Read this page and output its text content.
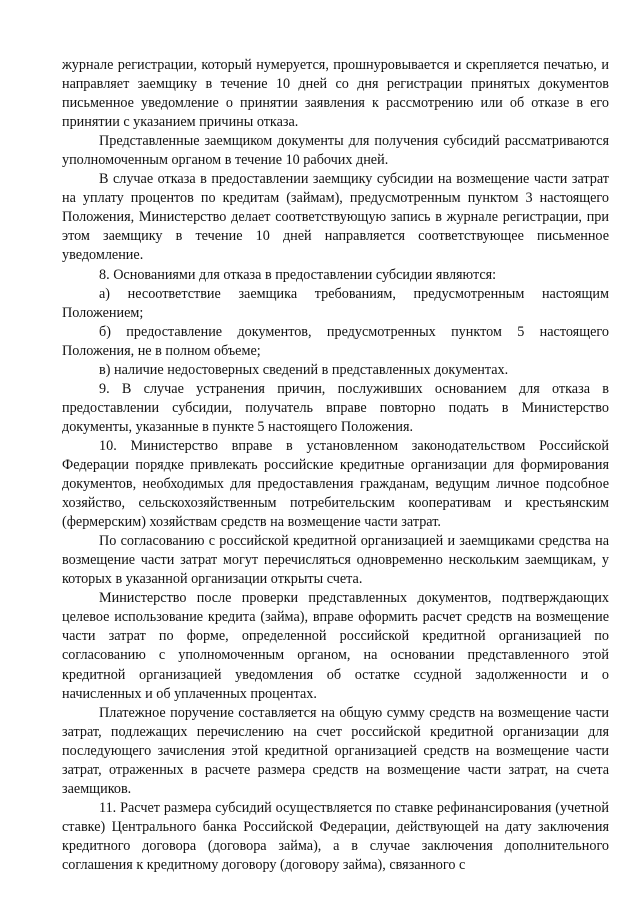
журнале регистрации, который нумеруется, прошнуровывается и скрепляется печатью, и направляет заемщику в течение 10 дней со дня регистрации принятых документов письменное уведомление о принятии заявления к рассмотрению или об отказе в его принятии с указанием причины отказа.

Представленные заемщиком документы для получения субсидий рассматриваются уполномоченным органом в течение 10 рабочих дней.

В случае отказа в предоставлении заемщику субсидии на возмещение части затрат на уплату процентов по кредитам (займам), предусмотренным пунктом 3 настоящего Положения, Министерство делает соответствующую запись в журнале регистрации, при этом заемщику в течение 10 дней направляется соответствующее письменное уведомление.

8. Основаниями для отказа в предоставлении субсидии являются:

а) несоответствие заемщика требованиям, предусмотренным настоящим Положением;

б) предоставление документов, предусмотренных пунктом 5 настоящего Положения, не в полном объеме;

в) наличие недостоверных сведений в представленных документах.

9. В случае устранения причин, послуживших основанием для отказа в предоставлении субсидии, получатель вправе повторно подать в Министерство документы, указанные в пункте 5 настоящего Положения.

10. Министерство вправе в установленном законодательством Российской Федерации порядке привлекать российские кредитные организации для формирования документов, необходимых для предоставления гражданам, ведущим личное подсобное хозяйство, сельскохозяйственным потребительским кооперативам и крестьянским (фермерским) хозяйствам средств на возмещение части затрат.

По согласованию с российской кредитной организацией и заемщиками средства на возмещение части затрат могут перечисляться одновременно нескольким заемщикам, у которых в указанной организации открыты счета.

Министерство после проверки представленных документов, подтверждающих целевое использование кредита (займа), вправе оформить расчет средств на возмещение части затрат по форме, определенной российской кредитной организацией по согласованию с уполномоченным органом, на основании представленного этой кредитной организацией уведомления об остатке ссудной задолженности и о начисленных и об уплаченных процентах.

Платежное поручение составляется на общую сумму средств на возмещение части затрат, подлежащих перечислению на счет российской кредитной организации для последующего зачисления этой кредитной организацией средств на возмещение части затрат, отраженных в расчете размера средств на возмещение части затрат, на счета заемщиков.

11. Расчет размера субсидий осуществляется по ставке рефинансирования (учетной ставке) Центрального банка Российской Федерации, действующей на дату заключения кредитного договора (договора займа), а в случае заключения дополнительного соглашения к кредитному договору (договору займа), связанного с
